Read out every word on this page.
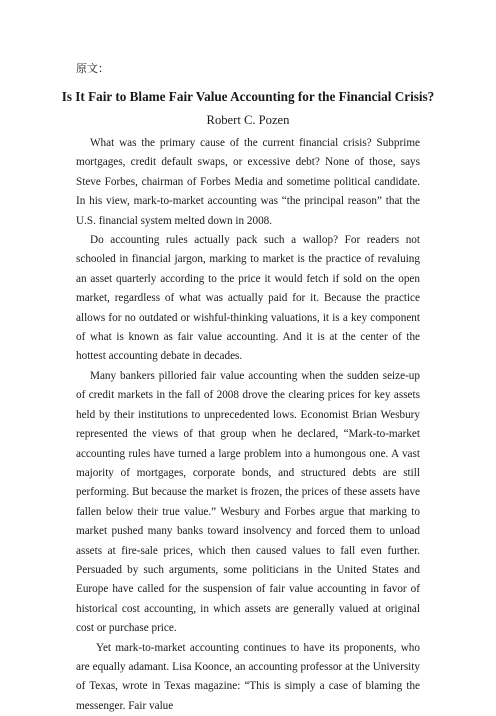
原文：
Is It Fair to Blame Fair Value Accounting for the Financial Crisis?
Robert C. Pozen

What was the primary cause of the current financial crisis? Subprime mortgages, credit default swaps, or excessive debt? None of those, says Steve Forbes, chairman of Forbes Media and sometime political candidate. In his view, mark-to-market accounting was “the principal reason” that the U.S. financial system melted down in 2008.

Do accounting rules actually pack such a wallop? For readers not schooled in financial jargon, marking to market is the practice of revaluing an asset quarterly according to the price it would fetch if sold on the open market, regardless of what was actually paid for it. Because the practice allows for no outdated or wishful-thinking valuations, it is a key component of what is known as fair value accounting. And it is at the center of the hottest accounting debate in decades.

Many bankers pilloried fair value accounting when the sudden seize-up of credit markets in the fall of 2008 drove the clearing prices for key assets held by their institutions to unprecedented lows. Economist Brian Wesbury represented the views of that group when he declared, “Mark-to-market accounting rules have turned a large problem into a humongous one. A vast majority of mortgages, corporate bonds, and structured debts are still performing. But because the market is frozen, the prices of these assets have fallen below their true value.” Wesbury and Forbes argue that marking to market pushed many banks toward insolvency and forced them to unload assets at fire-sale prices, which then caused values to fall even further. Persuaded by such arguments, some politicians in the United States and Europe have called for the suspension of fair value accounting in favor of historical cost accounting, in which assets are generally valued at original cost or purchase price.

Yet mark-to-market accounting continues to have its proponents, who are equally adamant. Lisa Koonce, an accounting professor at the University of Texas, wrote in Texas magazine: “This is simply a case of blaming the messenger. Fair value
